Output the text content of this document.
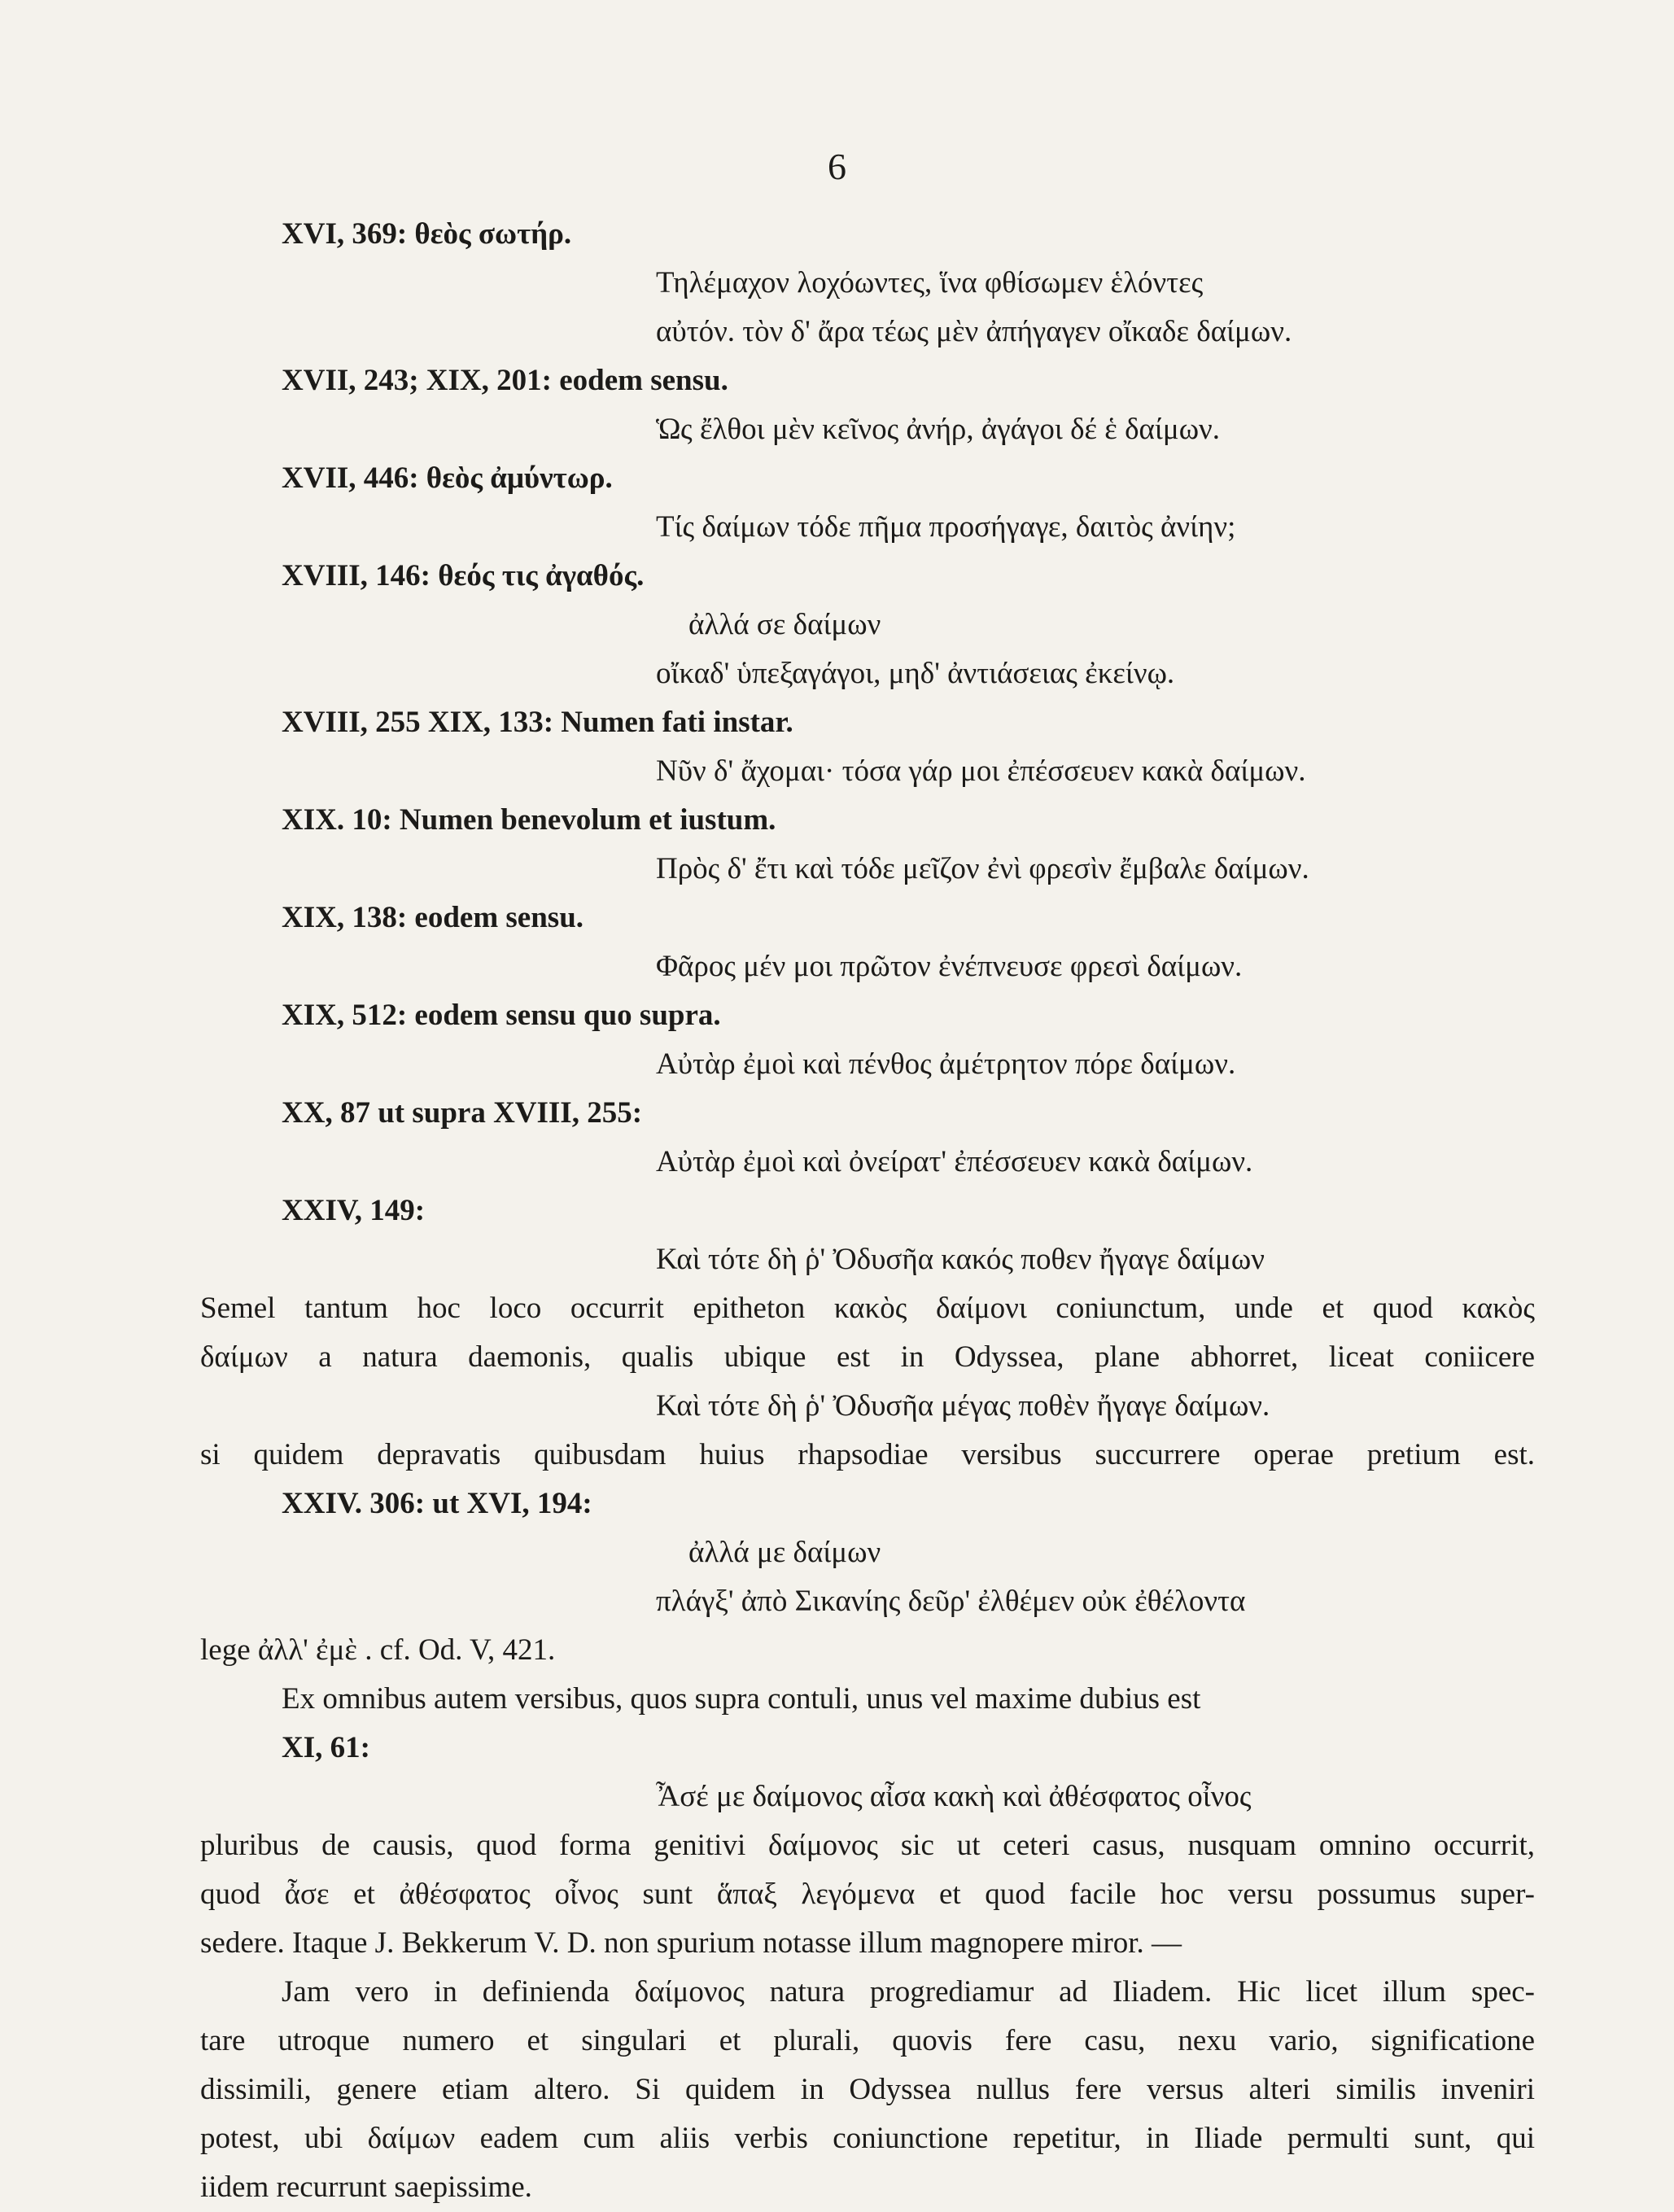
6
XVI, 369: θεὸς σωτήρ.
Τηλέμαχον λοχόωντες, ἵνα φθίσωμεν ἑλόντες
αὐτόν. τὸν δ' ἄρα τέως μὲν ἀπήγαγεν οἴκαδε δαίμων.
XVII, 243; XIX, 201: eodem sensu.
Ὡς ἔλθοι μὲν κεῖνος ἀνήρ, ἀγάγοι δέ ἑ δαίμων.
XVII, 446: θεὸς ἀμύντωρ.
Τίς δαίμων τόδε πῆμα προσήγαγε, δαιτὸς ἀνίην;
XVIII, 146: θεός τις ἀγαθός.
ἀλλά σε δαίμων
οἴκαδ' ὑπεξαγάγοι, μηδ' ἀντιάσειας ἐκείνῳ.
XVIII, 255 XIX, 133: Numen fati instar.
Νῦν δ' ἄχομαι· τόσα γάρ μοι ἐπέσσευεν κακὰ δαίμων.
XIX. 10: Numen benevolum et iustum.
Πρὸς δ' ἔτι καὶ τόδε μεῖζον ἐνὶ φρεσὶν ἔμβαλε δαίμων.
XIX, 138: eodem sensu.
Φᾶρος μέν μοι πρῶτον ἐνέπνευσε φρεσὶ δαίμων.
XIX, 512: eodem sensu quo supra.
Αὐτὰρ ἐμοὶ καὶ πένθος ἀμέτρητον πόρε δαίμων.
XX, 87 ut supra XVIII, 255:
Αὐτὰρ ἐμοὶ καὶ ὀνείρατ' ἐπέσσευεν κακὰ δαίμων.
XXIV, 149:
Καὶ τότε δὴ ῥ' Ὀδυσῆα κακός ποθεν ἤγαγε δαίμων
Semel tantum hoc loco occurrit epitheton κακὸς δαίμονι coniunctum, unde et quod κακὸς
δαίμων a natura daemonis, qualis ubique est in Odyssea, plane abhorret, liceat coniicere
Καὶ τότε δὴ ῥ' Ὀδυσῆα μέγας ποθὲν ἤγαγε δαίμων.
si quidem depravatis quibusdam huius rhapsodiae versibus succurrere operae pretium est.
XXIV. 306: ut XVI, 194:
ἀλλά με δαίμων
πλάγξ' ἀπὸ Σικανίης δεῦρ' ἐλθέμεν οὐκ ἐθέλοντα
lege ἀλλ' ἐμὲ . cf. Od. V, 421.
Ex omnibus autem versibus, quos supra contuli, unus vel maxime dubius est
XI, 61:
Ἆσέ με δαίμονος αἶσα κακὴ καὶ ἀθέσφατος οἶνος
pluribus de causis, quod forma genitivi δαίμονος sic ut ceteri casus, nusquam omnino occurrit,
quod ἆσε et ἀθέσφατος οἶνος sunt ἅπαξ λεγόμενα et quod facile hoc versu possumus super-
sedere. Itaque J. Bekkerum V. D. non spurium notasse illum magnopere miror. —
Jam vero in definienda δαίμονος natura progrediamur ad Iliadem. Hic licet illum spec-
tare utroque numero et singulari et plurali, quovis fere casu, nexu vario, significatione
dissimili, genere etiam altero. Si quidem in Odyssea nullus fere versus alteri similis inveniri
potest, ubi δαίμων eadem cum aliis verbis coniunctione repetitur, in Iliade permulti sunt, qui
iidem recurrunt saepissime.
